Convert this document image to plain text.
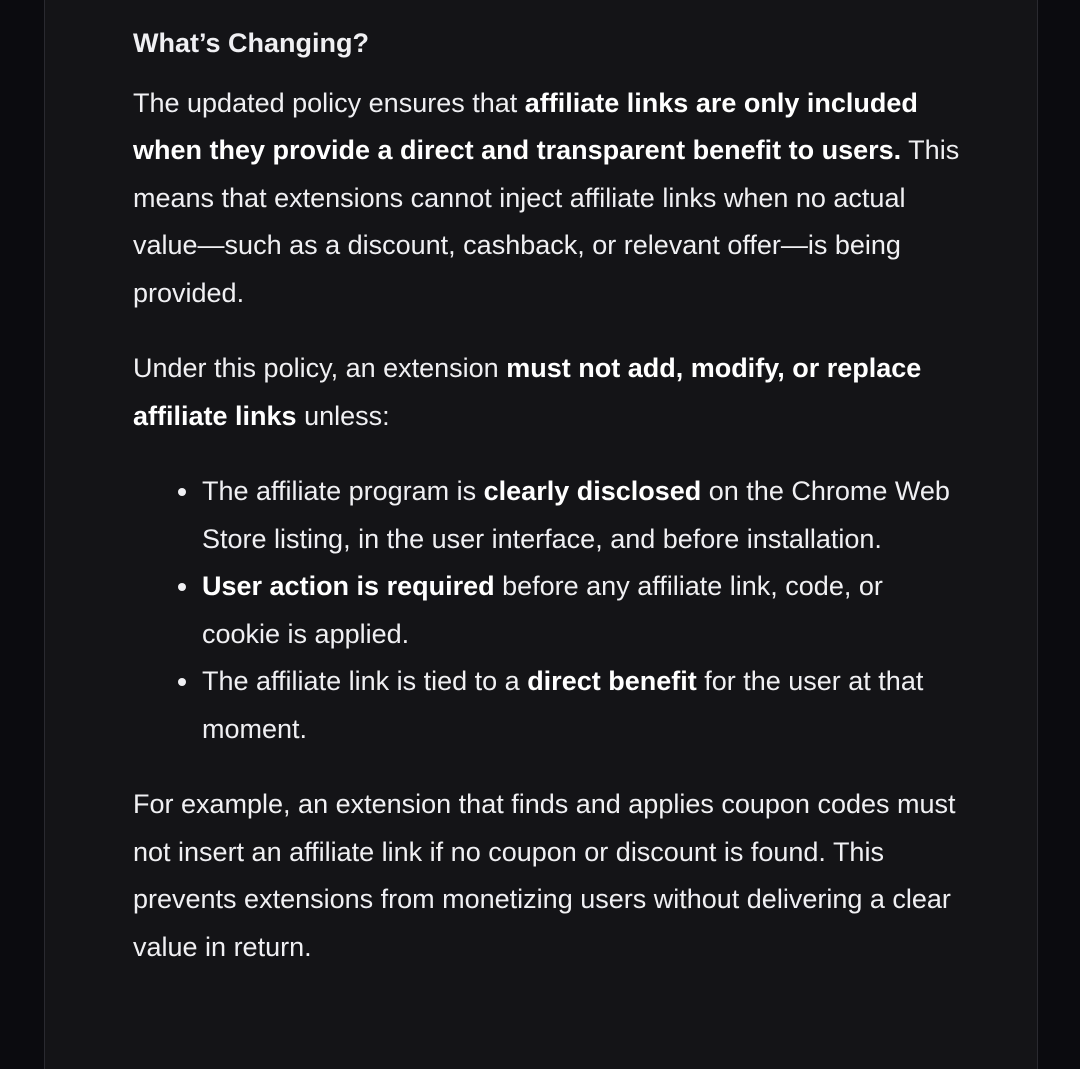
What’s Changing?

The updated policy ensures that affiliate links are only included when they provide a direct and transparent benefit to users. This means that extensions cannot inject affiliate links when no actual value—such as a discount, cashback, or relevant offer—is being provided.

Under this policy, an extension must not add, modify, or replace affiliate links unless:

The affiliate program is clearly disclosed on the Chrome Web Store listing, in the user interface, and before installation.
User action is required before any affiliate link, code, or cookie is applied.
The affiliate link is tied to a direct benefit for the user at that moment.

For example, an extension that finds and applies coupon codes must not insert an affiliate link if no coupon or discount is found. This prevents extensions from monetizing users without delivering a clear value in return.
